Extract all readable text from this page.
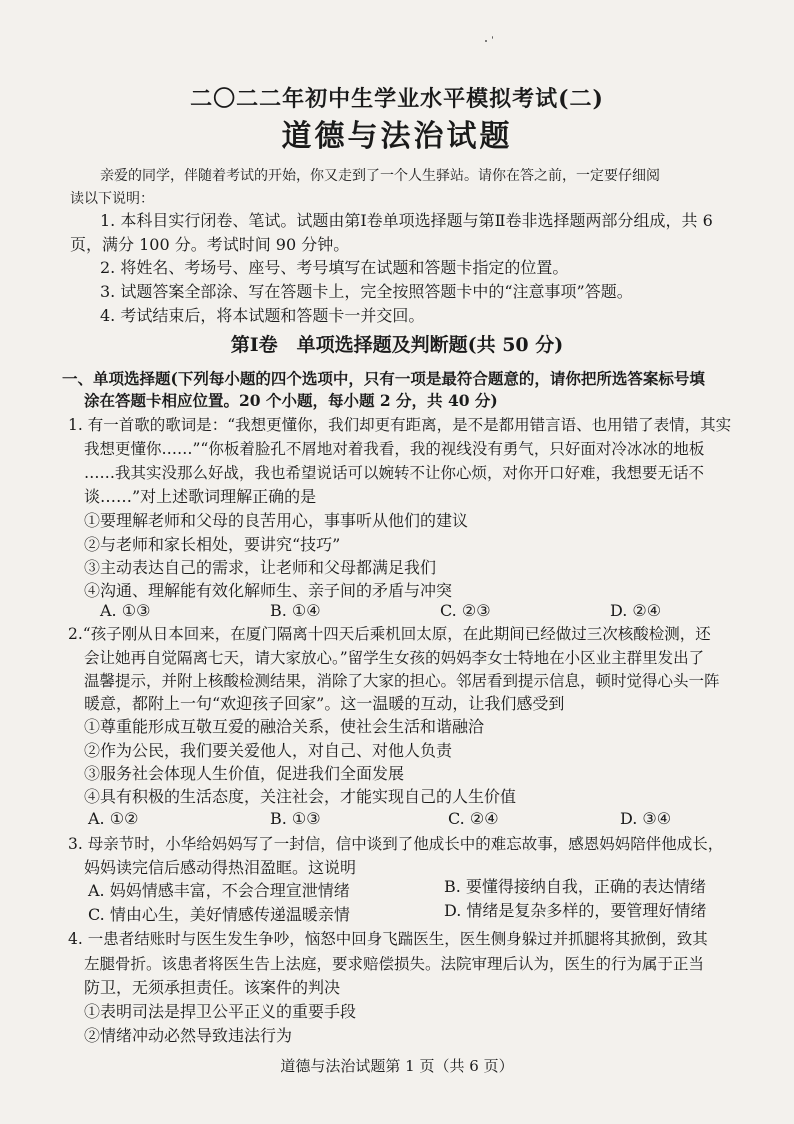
二〇二二年初中生学业水平模拟考试(二)
道德与法治试题
亲爱的同学，伴随着考试的开始，你又走到了一个人生驿站。请你在答之前，一定要仔细阅
读以下说明：
1. 本科目实行闭卷、笔试。试题由第Ⅰ卷单项选择题与第Ⅱ卷非选择题两部分组成，共 6
页，满分 100 分。考试时间 90 分钟。
2. 将姓名、考场号、座号、考号填写在试题和答题卡指定的位置。
3. 试题答案全部涂、写在答题卡上，完全按照答题卡中的“注意事项”答题。
4. 考试结束后，将本试题和答题卡一并交回。
第Ⅰ卷　单项选择题及判断题(共 50 分)
一、单项选择题(下列每小题的四个选项中，只有一项是最符合题意的，请你把所选答案标号填
涂在答题卡相应位置。20 个小题，每小题 2 分，共 40 分)
1. 有一首歌的歌词是：“我想更懂你，我们却更有距离，是不是都用错言语、也用错了表情，其实
我想更懂你……”“你板着脸孔不屑地对着我看，我的视线没有勇气，只好面对冷冰冰的地板
……我其实没那么好战，我也希望说话可以婉转不让你心烦，对你开口好难，我想要无话不
谈……”对上述歌词理解正确的是
①要理解老师和父母的良苦用心，事事听从他们的建议
②与老师和家长相处，要讲究“技巧”
③主动表达自己的需求，让老师和父母都满足我们
④沟通、理解能有效化解师生、亲子间的矛盾与冲突
A. ①③	B. ①④	C. ②③	D. ②④
2.“孩子刚从日本回来，在厦门隔离十四天后乘机回太原，在此期间已经做过三次核酸检测，还
会让她再自觉隔离七天，请大家放心。”留学生女孩的妈妈李女士特地在小区业主群里发出了
温馨提示，并附上核酸检测结果，消除了大家的担心。邻居看到提示信息，顿时觉得心头一阵
暖意，都附上一句“欢迎孩子回家”。这一温暖的互动，让我们感受到
①尊重能形成互敬互爱的融洽关系，使社会生活和谐融洽
②作为公民，我们要关爱他人，对自己、对他人负责
③服务社会体现人生价值，促进我们全面发展
④具有积极的生活态度，关注社会，才能实现自己的人生价值
A. ①②	B. ①③	C. ②④	D. ③④
3. 母亲节时，小华给妈妈写了一封信，信中谈到了他成长中的难忘故事，感恩妈妈陪伴他成长，
妈妈读完信后感动得热泪盈眶。这说明
A. 妈妈情感丰富，不会合理宣泄情绪	B. 要懂得接纳自我，正确的表达情绪
C. 情由心生，美好情感传递温暖亲情	D. 情绪是复杂多样的，要管理好情绪
4. 一患者结账时与医生发生争吵，恼怒中回身飞踹医生，医生侧身躲过并抓腿将其掀倒，致其
左腿骨折。该患者将医生告上法庭，要求赔偿损失。法院审理后认为，医生的行为属于正当
防卫，无须承担责任。该案件的判决
①表明司法是捍卫公平正义的重要手段
②情绪冲动必然导致违法行为
道德与法治试题第 1 页（共 6 页）
